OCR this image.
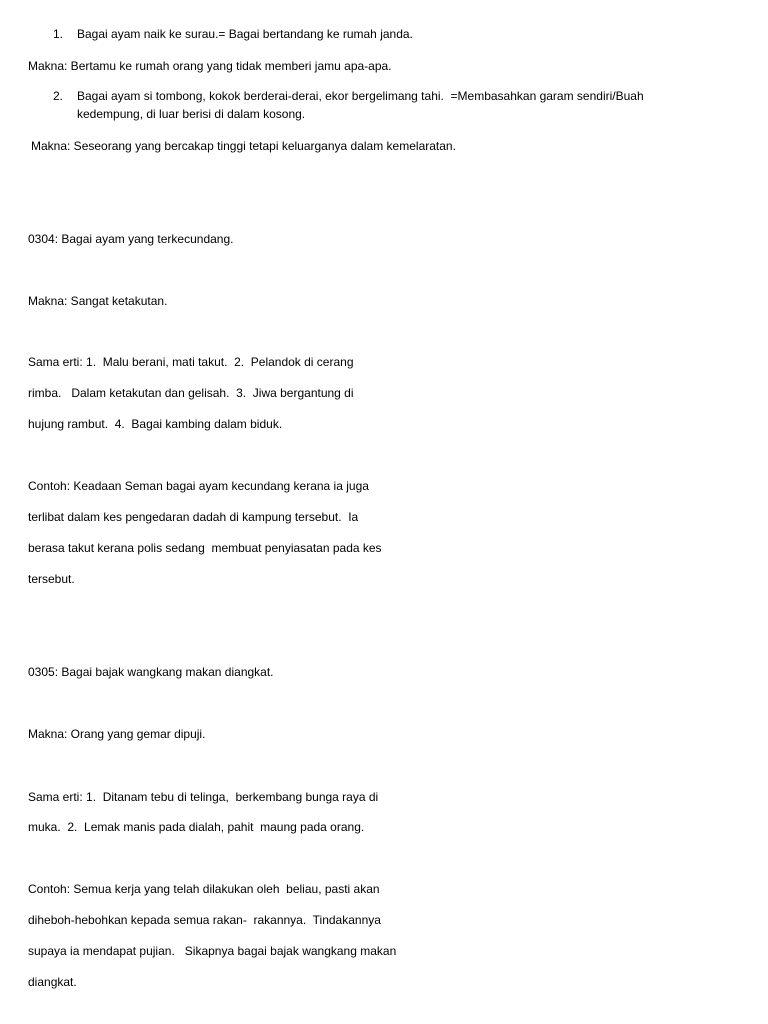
1. Bagai ayam naik ke surau.= Bagai bertandang ke rumah janda.
Makna: Bertamu ke rumah orang yang tidak memberi jamu apa-apa.
2. Bagai ayam si tombong, kokok berderai-derai, ekor bergelimang tahi.  =Membasahkan garam sendiri/Buah
kedempung, di luar berisi di dalam kosong.
Makna: Seseorang yang bercakap tinggi tetapi keluarganya dalam kemelaratan.
0304: Bagai ayam yang terkecundang.
Makna: Sangat ketakutan.
Sama erti: 1.  Malu berani, mati takut.  2.  Pelandok di cerang
rimba.   Dalam ketakutan dan gelisah.  3.  Jiwa bergantung di
hujung rambut.  4.  Bagai kambing dalam biduk.
Contoh: Keadaan Seman bagai ayam kecundang kerana ia juga
terlibat dalam kes pengedaran dadah di kampung tersebut.  Ia
berasa takut kerana polis sedang  membuat penyiasatan pada kes
tersebut.
0305: Bagai bajak wangkang makan diangkat.
Makna: Orang yang gemar dipuji.
Sama erti: 1.  Ditanam tebu di telinga,  berkembang bunga raya di
muka.  2.  Lemak manis pada dialah, pahit  maung pada orang.
Contoh: Semua kerja yang telah dilakukan oleh  beliau, pasti akan
diheboh-hebohkan kepada semua rakan-  rakannya.  Tindakannya
supaya ia mendapat pujian.   Sikapnya bagai bajak wangkang makan
diangkat.
